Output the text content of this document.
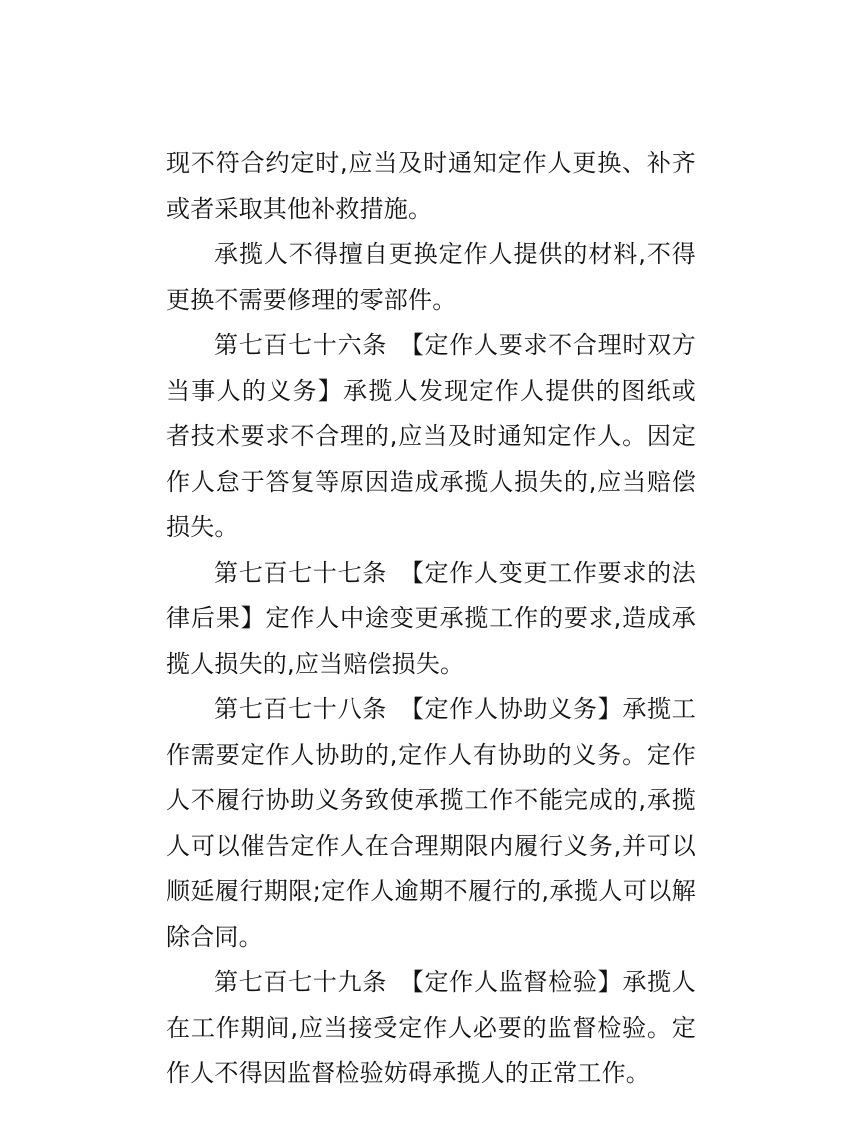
现不符合约定时,应当及时通知定作人更换、补齐或者采取其他补救措施。

承揽人不得擅自更换定作人提供的材料,不得更换不需要修理的零部件。

第七百七十六条　【定作人要求不合理时双方当事人的义务】承揽人发现定作人提供的图纸或者技术要求不合理的,应当及时通知定作人。因定作人怠于答复等原因造成承揽人损失的,应当赔偿损失。

第七百七十七条　【定作人变更工作要求的法律后果】定作人中途变更承揽工作的要求,造成承揽人损失的,应当赔偿损失。

第七百七十八条　【定作人协助义务】承揽工作需要定作人协助的,定作人有协助的义务。定作人不履行协助义务致使承揽工作不能完成的,承揽人可以催告定作人在合理期限内履行义务,并可以顺延履行期限;定作人逾期不履行的,承揽人可以解除合同。

第七百七十九条　【定作人监督检验】承揽人在工作期间,应当接受定作人必要的监督检验。定作人不得因监督检验妨碍承揽人的正常工作。
